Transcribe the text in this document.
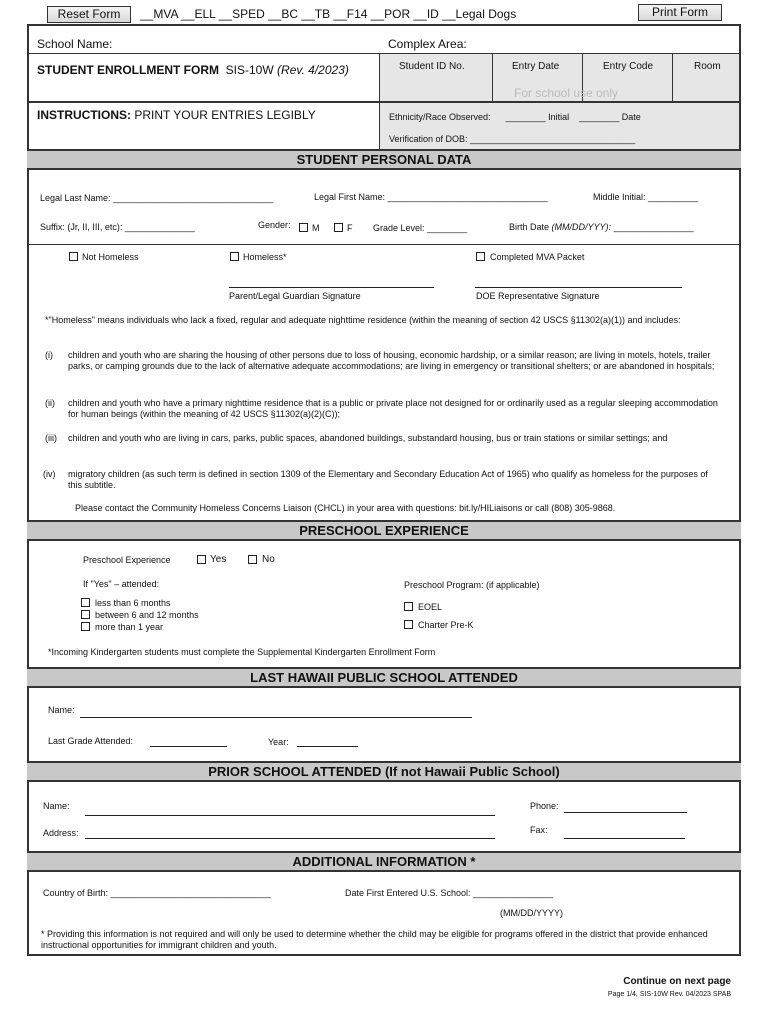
Reset Form	__MVA __ELL __SPED __BC __TB __F14 __POR __ID __Legal Dogs	Print Form
School Name:	Complex Area:
STUDENT ENROLLMENT FORM SIS-10W (Rev. 4/2023)	Student ID No.	Entry Date	Entry Code	Room
For school use only
INSTRUCTIONS: PRINT YOUR ENTRIES LEGIBLY	Ethnicity/Race Observed: ________ Initial ________ Date
Verification of DOB: _________________________________
STUDENT PERSONAL DATA
Legal Last Name: ________________________________	Legal First Name: ________________________________	Middle Initial: __________
Suffix: (Jr, II, III, etc): ______________	Gender: M	F Grade Level: ________	Birth Date (MM/DD/YYY): ________________
Not Homeless	Homeless*	Completed MVA Packet
Parent/Legal Guardian Signature	DOE Representative Signature
*"Homeless" means individuals who lack a fixed, regular and adequate nighttime residence (within the meaning of section 42 USCS §11302(a)(1)) and includes:
(i) children and youth who are sharing the housing of other persons due to loss of housing, economic hardship, or a similar reason; are living in motels, hotels, trailer parks, or camping grounds due to the lack of alternative adequate accommodations; are living in emergency or transitional shelters; or are abandoned in hospitals;
(ii) children and youth who have a primary nighttime residence that is a public or private place not designed for or ordinarily used as a regular sleeping accommodation for human beings (within the meaning of 42 USCS §11302(a)(2)(C));
(iii) children and youth who are living in cars, parks, public spaces, abandoned buildings, substandard housing, bus or train stations or similar settings; and
(iv) migratory children (as such term is defined in section 1309 of the Elementary and Secondary Education Act of 1965) who qualify as homeless for the purposes of this subtitle.
Please contact the Community Homeless Concerns Liaison (CHCL) in your area with questions: bit.ly/HILiaisons or call (808) 305-9868.
PRESCHOOL EXPERIENCE
Preschool Experience	Yes	No
If "Yes" – attended:
less than 6 months
between 6 and 12 months
more than 1 year
Preschool Program: (if applicable)
EOEL
Charter Pre-K
*Incoming Kindergarten students must complete the Supplemental Kindergarten Enrollment Form
LAST HAWAII PUBLIC SCHOOL ATTENDED
Name:
Last Grade Attended:	Year:
PRIOR SCHOOL ATTENDED (If not Hawaii Public School)
Name:	Phone:
Address:	Fax:
ADDITIONAL INFORMATION *
Country of Birth: ________________________________	Date First Entered U.S. School: ________________
(MM/DD/YYYY)
* Providing this information is not required and will only be used to determine whether the child may be eligible for programs offered in the district that provide enhanced instructional opportunities for immigrant children and youth.
Continue on next page
Page 1/4, SIS-10W Rev. 04/2023 SPAB
